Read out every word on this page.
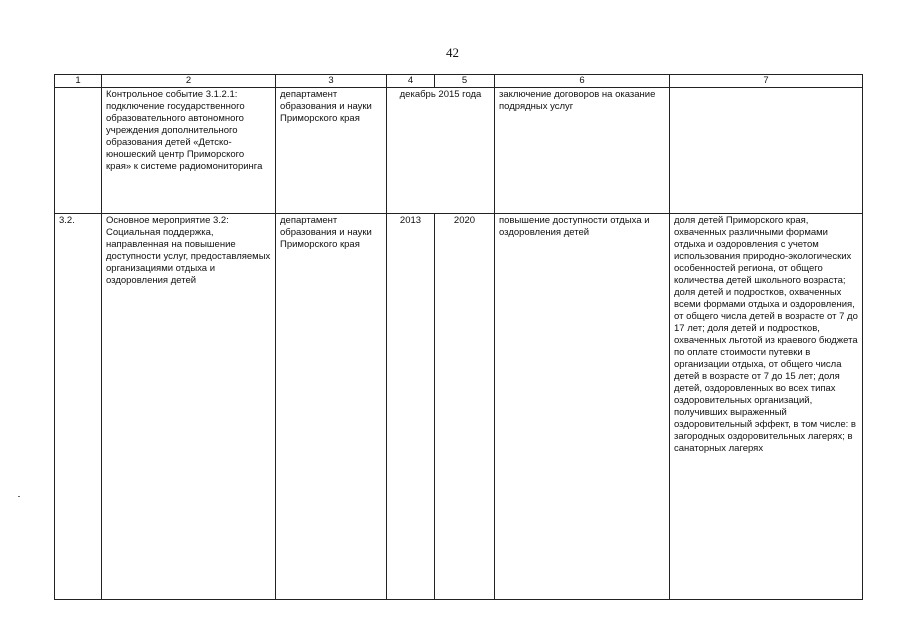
42
1	2	3	4	5	6	7
	Контрольное событие 3.1.2.1: подключение государственного образовательного автономного учреждения дополнительного образования детей «Детско-юношеский центр Приморского края» к системе радиомониторинга	департамент образования и науки Приморского края	декабрь 2015 года		заключение договоров на оказание подрядных услуг	
3.2.	Основное мероприятие 3.2: Социальная поддержка, направленная на повышение доступности услуг, предоставляемых организациями отдыха и оздоровления детей	департамент образования и науки Приморского края	2013	2020	повышение доступности отдыха и оздоровления детей	доля детей Приморского края, охваченных различными формами отдыха и оздоровления с учетом использования природно-экологических особенностей региона, от общего количества детей школьного возраста; доля детей и подростков, охваченных всеми формами отдыха и оздоровления, от общего числа детей в возрасте от 7 до 17 лет; доля детей и подростков, охваченных льготой из краевого бюджета по оплате стоимости путевки в организации отдыха, от общего числа детей в возрасте от 7 до 15 лет; доля детей, оздоровленных во всех типах оздоровительных организаций, получивших выраженный оздоровительный эффект, в том числе: в загородных оздоровительных лагерях; в санаторных лагерях
